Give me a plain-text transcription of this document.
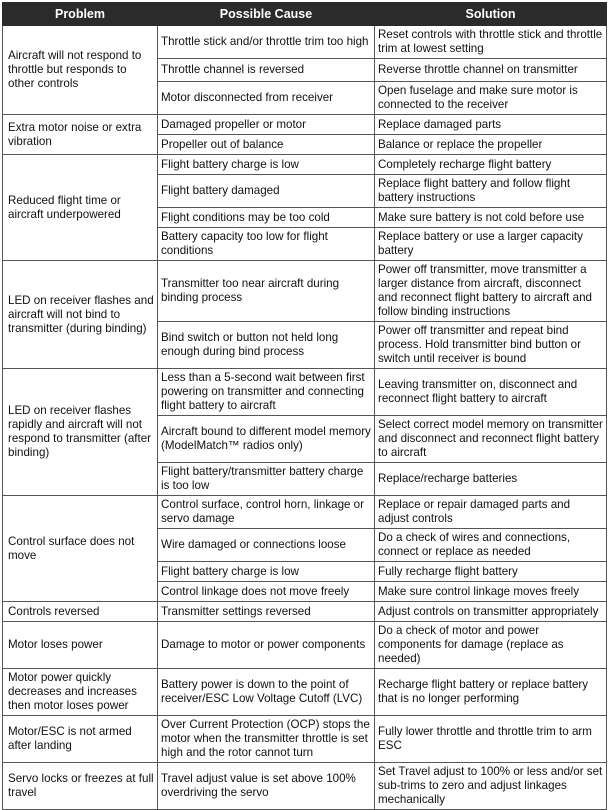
Problem	Possible Cause	Solution
Aircraft will not respond to throttle but responds to other controls	Throttle stick and/or throttle trim too high	Reset controls with throttle stick and throttle trim at lowest setting
	Throttle channel is reversed	Reverse throttle channel on transmitter
	Motor disconnected from receiver	Open fuselage and make sure motor is connected to the receiver
Extra motor noise or extra vibration	Damaged propeller or motor	Replace damaged parts
	Propeller out of balance	Balance or replace the propeller
Reduced flight time or aircraft underpowered	Flight battery charge is low	Completely recharge flight battery
	Flight battery damaged	Replace flight battery and follow flight battery instructions
	Flight conditions may be too cold	Make sure battery is not cold before use
	Battery capacity too low for flight conditions	Replace battery or use a larger capacity battery
LED on receiver flashes and aircraft will not bind to transmitter (during binding)	Transmitter too near aircraft during binding process	Power off transmitter, move transmitter a larger distance from aircraft, disconnect and reconnect flight battery to aircraft and follow binding instructions
	Bind switch or button not held long enough during bind process	Power off transmitter and repeat bind process. Hold transmitter bind button or switch until receiver is bound
LED on receiver flashes rapidly and aircraft will not respond to transmitter (after binding)	Less than a 5-second wait between first powering on transmitter and connecting flight battery to aircraft	Leaving transmitter on, disconnect and reconnect flight battery to aircraft
	Aircraft bound to different model memory (ModelMatch™ radios only)	Select correct model memory on transmitter and disconnect and reconnect flight battery to aircraft
	Flight battery/transmitter battery charge is too low	Replace/recharge batteries
Control surface does not move	Control surface, control horn, linkage or servo damage	Replace or repair damaged parts and adjust controls
	Wire damaged or connections loose	Do a check of wires and connections, connect or replace as needed
	Flight battery charge is low	Fully recharge flight battery
	Control linkage does not move freely	Make sure control linkage moves freely
Controls reversed	Transmitter settings reversed	Adjust controls on transmitter appropriately
Motor loses power	Damage to motor or power components	Do a check of motor and power components for damage (replace as needed)
Motor power quickly decreases and increases then motor loses power	Battery power is down to the point of receiver/ESC Low Voltage Cutoff (LVC)	Recharge flight battery or replace battery that is no longer performing
Motor/ESC is not armed after landing	Over Current Protection (OCP) stops the motor when the transmitter throttle is set high and the rotor cannot turn	Fully lower throttle and throttle trim to arm ESC
Servo locks or freezes at full travel	Travel adjust value is set above 100% overdriving the servo	Set Travel adjust to 100% or less and/or set sub-trims to zero and adjust linkages mechanically
